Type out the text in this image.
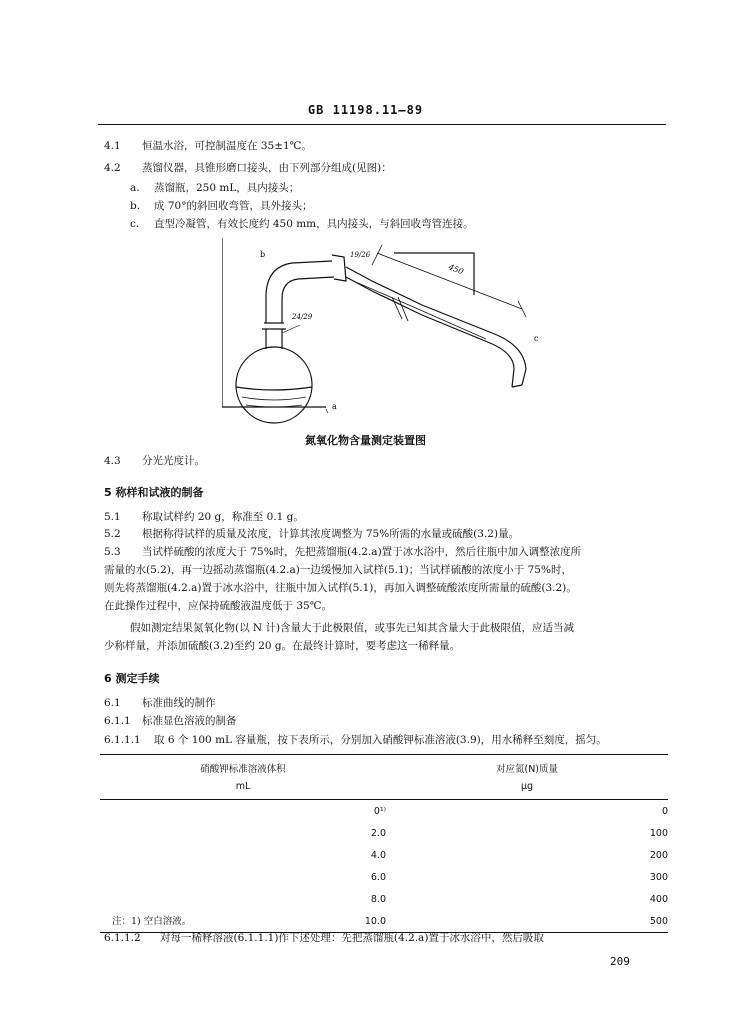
GB 11198.11—89
4.1 恒温水浴，可控制温度在 35±1℃。
4.2 蒸馏仪器，具锥形磨口接头，由下列部分组成(见图)：
a. 蒸馏瓶，250 mL，具内接头；
b. 成 70°的斜回收弯管，具外接头；
c. 直型冷凝管，有效长度约 450 mm，具内接头，与斜回收弯管连接。
b
a
c
19/26
24/29
450
氮氧化物含量测定装置图
4.3 分光光度计。
5 称样和试液的制备
5.1 称取试样约 20 g，称准至 0.1 g。
5.2 根据称得试样的质量及浓度，计算其浓度调整为 75%所需的水量或硫酸(3.2)量。
5.3 当试样硫酸的浓度大于 75%时，先把蒸馏瓶(4.2.a)置于冰水浴中，然后往瓶中加入调整浓度所
需量的水(5.2)，再一边摇动蒸馏瓶(4.2.a)一边缓慢加入试样(5.1)；当试样硫酸的浓度小于 75%时，
则先将蒸馏瓶(4.2.a)置于冰水浴中，往瓶中加入试样(5.1)，再加入调整硫酸浓度所需量的硫酸(3.2)。
在此操作过程中，应保持硫酸液温度低于 35℃。
假如测定结果氮氧化物(以 N 计)含量大于此极限值，或事先已知其含量大于此极限值，应适当减
少称样量，并添加硫酸(3.2)至约 20 g。在最终计算时，要考虑这一稀释量。
6 测定手续
6.1 标准曲线的制作
6.1.1 标准显色溶液的制备
6.1.1.1 取 6 个 100 mL 容量瓶，按下表所示，分别加入硝酸钾标准溶液(3.9)，用水稀释至刻度，摇匀。
硝酸钾标准溶液体积	对应氮(N)质量
mL	μg
0¹⁾	0
2.0	100
4.0	200
6.0	300
8.0	400
10.0	500
注：1) 空白溶液。
6.1.1.2 对每一稀释溶液(6.1.1.1)作下述处理：先把蒸馏瓶(4.2.a)置于冰水浴中，然后吸取
209
